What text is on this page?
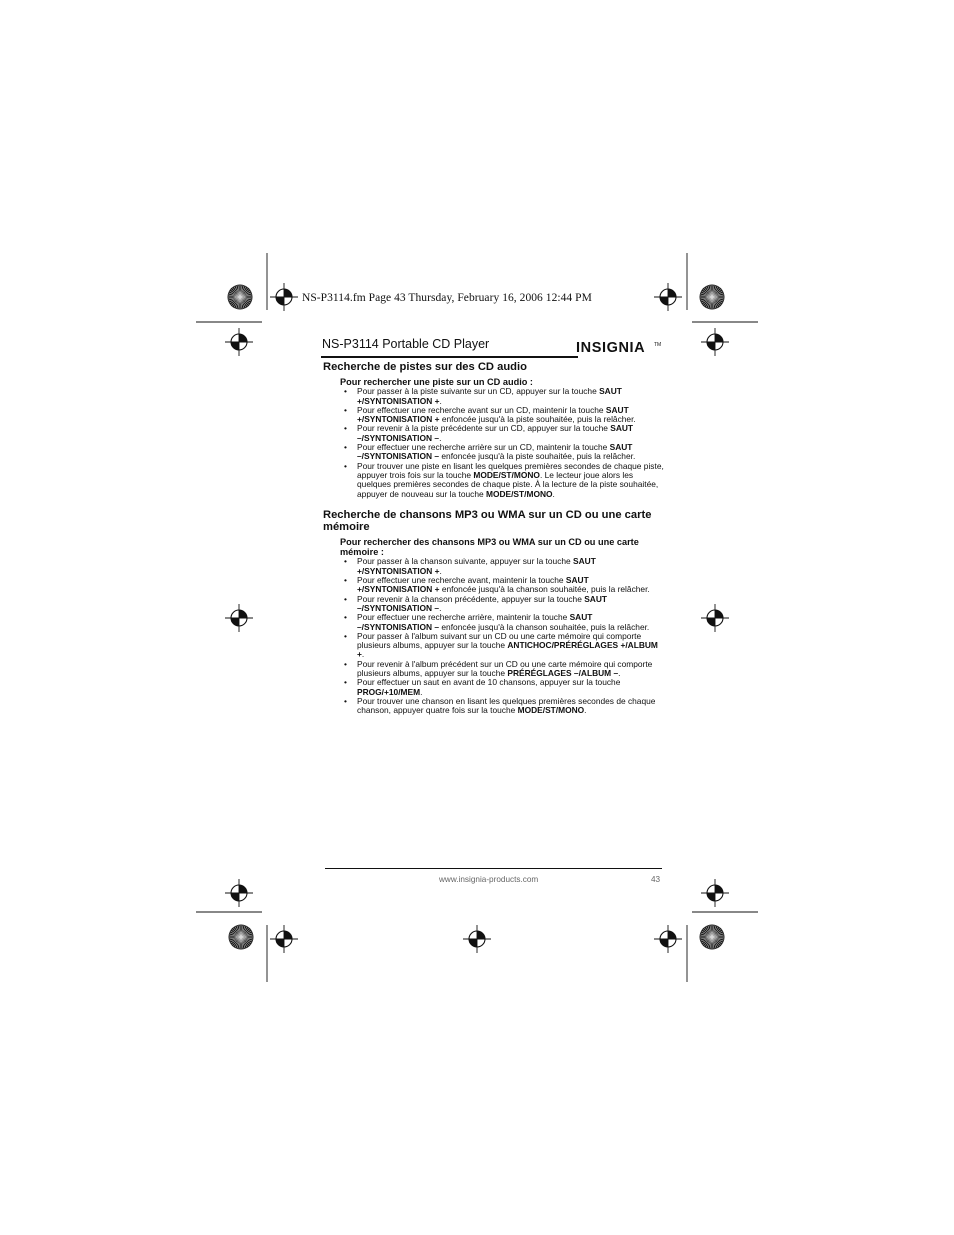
NS-P3114.fm Page 43 Thursday, February 16, 2006 12:44 PM
NS-P3114 Portable CD Player	INSIGNIA TM
Recherche de pistes sur des CD audio
Pour rechercher une piste sur un CD audio :
• Pour passer à la piste suivante sur un CD, appuyer sur la touche SAUT +/SYNTONISATION +.
• Pour effectuer une recherche avant sur un CD, maintenir la touche SAUT +/SYNTONISATION + enfoncée jusqu'à la piste souhaitée, puis la relâcher.
• Pour revenir à la piste précédente sur un CD, appuyer sur la touche SAUT –/SYNTONISATION –.
• Pour effectuer une recherche arrière sur un CD, maintenir la touche SAUT –/SYNTONISATION – enfoncée jusqu'à la piste souhaitée, puis la relâcher.
• Pour trouver une piste en lisant les quelques premières secondes de chaque piste, appuyer trois fois sur la touche MODE/ST/MONO. Le lecteur joue alors les quelques premières secondes de chaque piste. À la lecture de la piste souhaitée, appuyer de nouveau sur la touche MODE/ST/MONO.
Recherche de chansons MP3 ou WMA sur un CD ou une carte mémoire
Pour rechercher des chansons MP3 ou WMA sur un CD ou une carte mémoire :
• Pour passer à la chanson suivante, appuyer sur la touche SAUT +/SYNTONISATION +.
• Pour effectuer une recherche avant, maintenir la touche SAUT +/SYNTONISATION + enfoncée jusqu'à la chanson souhaitée, puis la relâcher.
• Pour revenir à la chanson précédente, appuyer sur la touche SAUT –/SYNTONISATION –.
• Pour effectuer une recherche arrière, maintenir la touche SAUT –/SYNTONISATION – enfoncée jusqu'à la chanson souhaitée, puis la relâcher.
• Pour passer à l'album suivant sur un CD ou une carte mémoire qui comporte plusieurs albums, appuyer sur la touche ANTICHOC/PRÉRÉGLAGES +/ALBUM +.
• Pour revenir à l'album précédent sur un CD ou une carte mémoire qui comporte plusieurs albums, appuyer sur la touche PRÉRÉGLAGES –/ALBUM –.
• Pour effectuer un saut en avant de 10 chansons, appuyer sur la touche PROG/+10/MEM.
• Pour trouver une chanson en lisant les quelques premières secondes de chaque chanson, appuyer quatre fois sur la touche MODE/ST/MONO.
www.insignia-products.com	43
